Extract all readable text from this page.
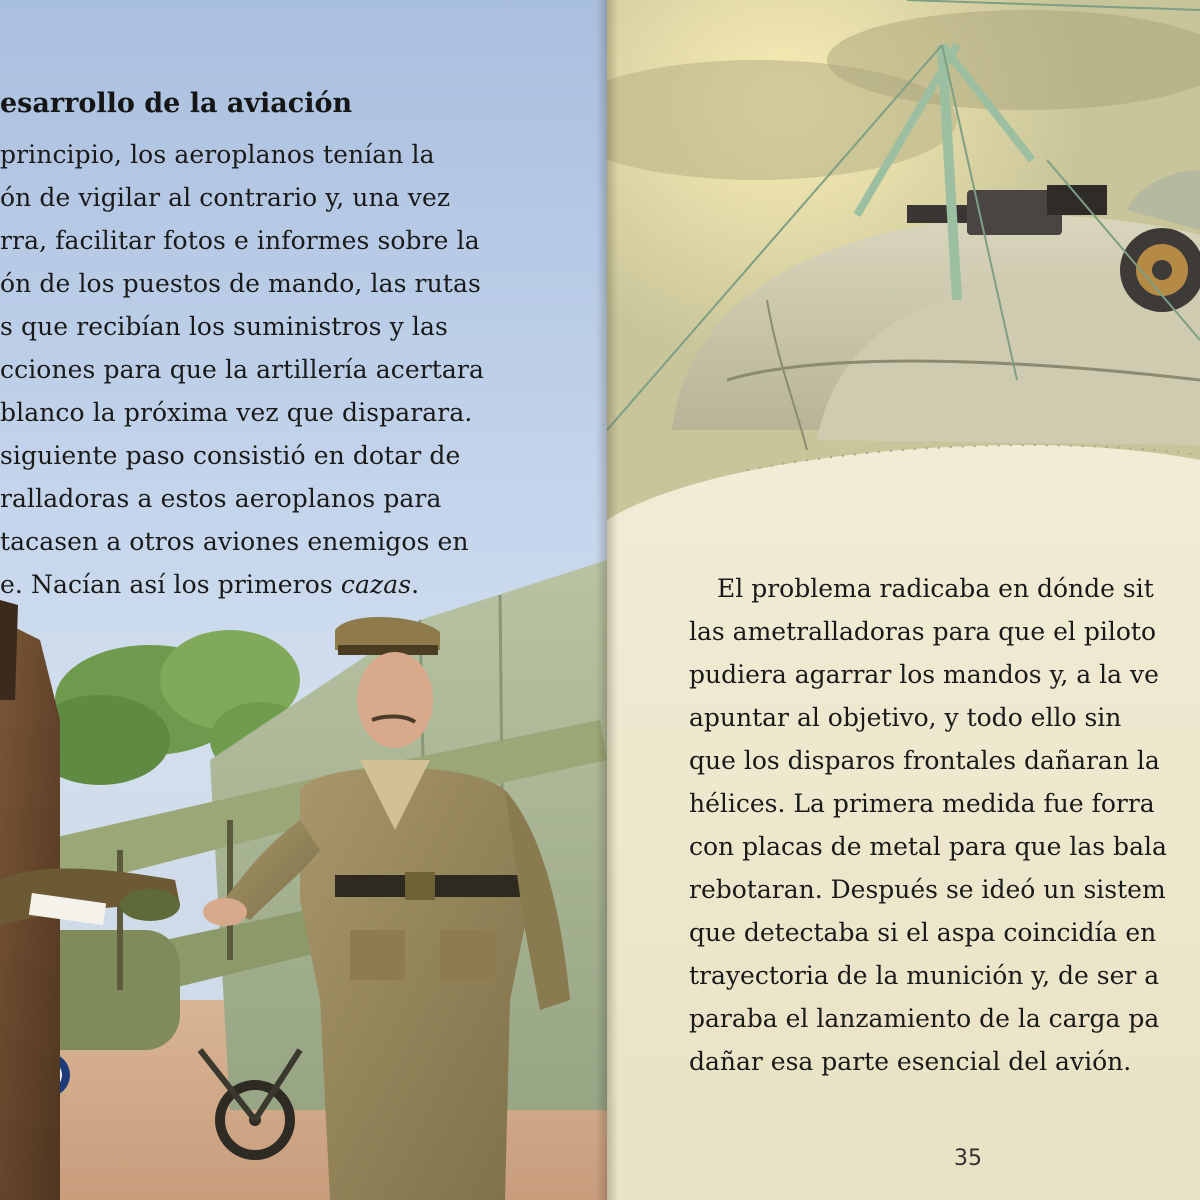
esarrollo de la aviación

principio, los aeroplanos tenían la

ón de vigilar al contrario y, una vez

rra, facilitar fotos e informes sobre la

ón de los puestos de mando, las rutas

s que recibían los suministros y las

cciones para que la artillería acertara

blanco la próxima vez que disparara.

siguiente paso consistió en dotar de

ralladoras a estos aeroplanos para

tacasen a otros aviones enemigos en

e. Nacían así los primeros cazas.	El problema radicaba en dónde sit

las ametralladoras para que el piloto

pudiera agarrar los mandos y, a la ve

apuntar al objetivo, y todo ello sin

que los disparos frontales dañaran la

hélices. La primera medida fue forra

con placas de metal para que las bala

rebotaran. Después se ideó un sistem

que detectaba si el aspa coincidía en

trayectoria de la munición y, de ser a

paraba el lanzamiento de la carga pa

dañar esa parte esencial del avión.

35
